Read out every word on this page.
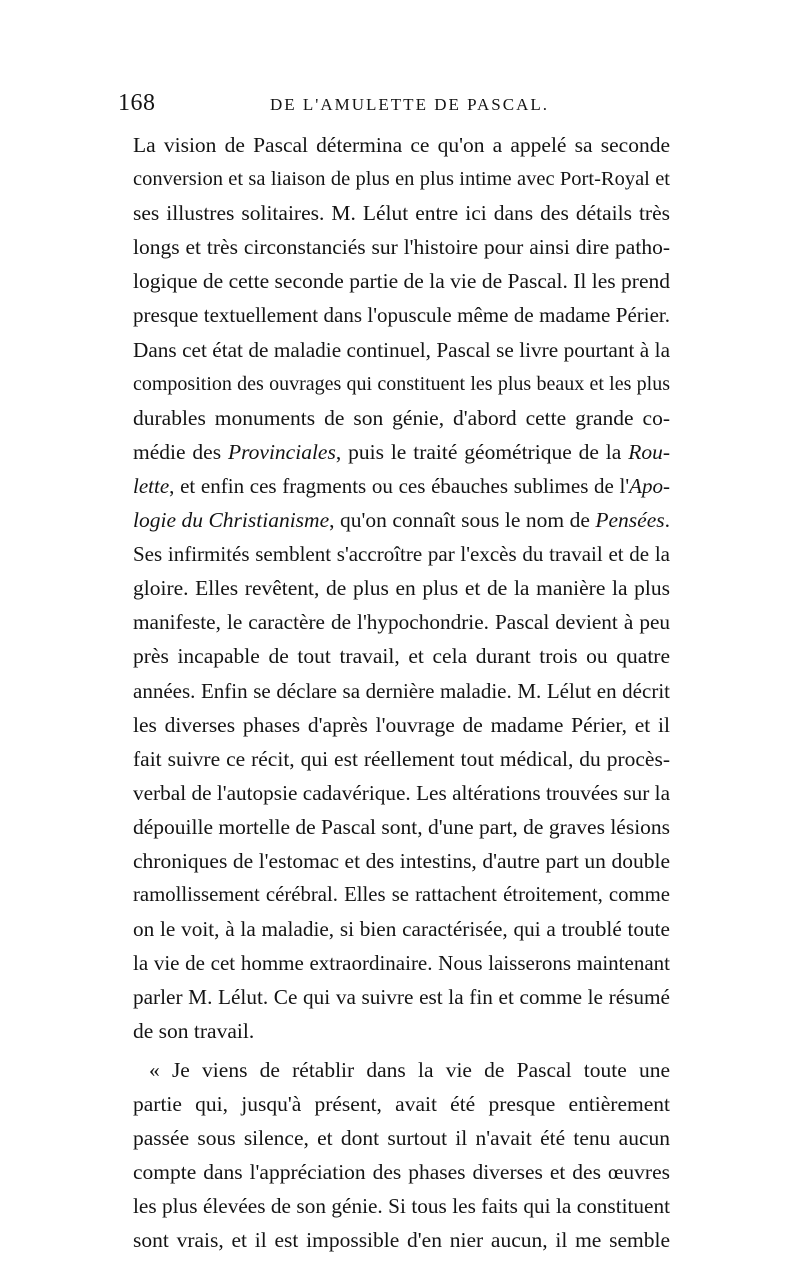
168	DE L'AMULETTE DE PASCAL.
La vision de Pascal détermina ce qu'on a appelé sa seconde
conversion et sa liaison de plus en plus intime avec Port-Royal et
ses illustres solitaires. M. Lélut entre ici dans des détails très
longs et très circonstanciés sur l'histoire pour ainsi dire patho-
logique de cette seconde partie de la vie de Pascal. Il les prend
presque textuellement dans l'opuscule même de madame Périer.
Dans cet état de maladie continuel, Pascal se livre pourtant à la
composition des ouvrages qui constituent les plus beaux et les plus
durables monuments de son génie, d'abord cette grande co-
médie des Provinciales, puis le traité géométrique de la Rou-
lette, et enfin ces fragments ou ces ébauches sublimes de l'Apo-
logie du Christianisme, qu'on connaît sous le nom de Pensées.
Ses infirmités semblent s'accroître par l'excès du travail et de la
gloire. Elles revêtent, de plus en plus et de la manière la plus
manifeste, le caractère de l'hypochondrie. Pascal devient à peu
près incapable de tout travail, et cela durant trois ou quatre
années. Enfin se déclare sa dernière maladie. M. Lélut en décrit
les diverses phases d'après l'ouvrage de madame Périer, et il
fait suivre ce récit, qui est réellement tout médical, du procès-
verbal de l'autopsie cadavérique. Les altérations trouvées sur la
dépouille mortelle de Pascal sont, d'une part, de graves lésions
chroniques de l'estomac et des intestins, d'autre part un double
ramollissement cérébral. Elles se rattachent étroitement, comme
on le voit, à la maladie, si bien caractérisée, qui a troublé toute
la vie de cet homme extraordinaire. Nous laisserons maintenant
parler M. Lélut. Ce qui va suivre est la fin et comme le résumé
de son travail.
« Je viens de rétablir dans la vie de Pascal toute une
partie qui, jusqu'à présent, avait été presque entièrement
passée sous silence, et dont surtout il n'avait été tenu aucun
compte dans l'appréciation des phases diverses et des œuvres
les plus élevées de son génie. Si tous les faits qui la constituent
sont vrais, et il est impossible d'en nier aucun, il me semble
